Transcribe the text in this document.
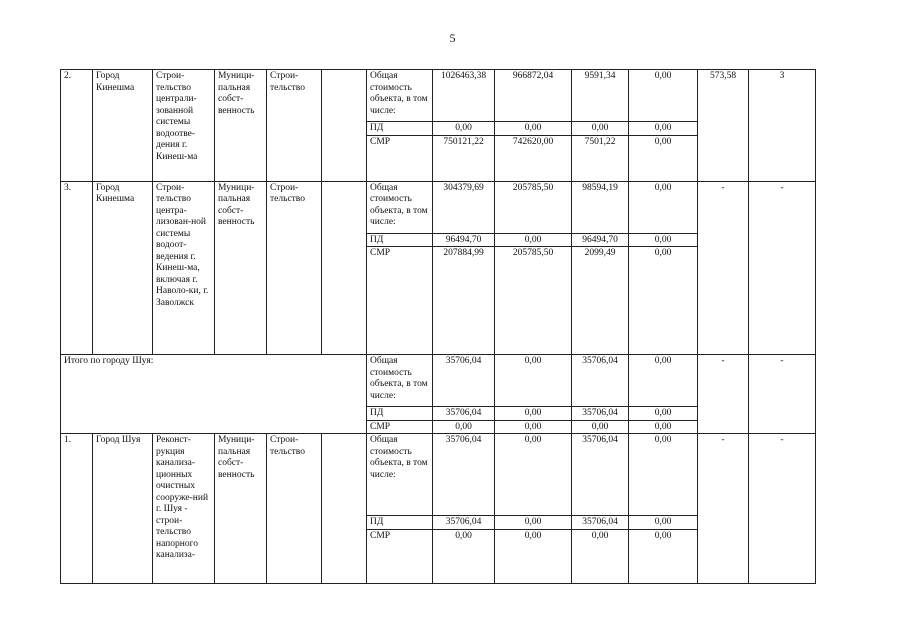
5
2.	Город Кинешма	Строи-тельство централи-зованной системы водоотве-дения г. Кинеш-ма	Муници-пальная собст-венность	Строи-тельство		Общая стоимость объекта, в том числе:	1026463,38	966872,04	9591,34	0,00	573,58	3
						ПД	0,00	0,00	0,00	0,00		
						СМР	750121,22	742620,00	7501,22	0,00		
3.	Город Кинешма	Строи-тельство центра-лизован-ной системы водоот-ведения г. Кинеш-ма, включая г. Наволо-ки, г. Заволжск	Муници-пальная собст-венность	Строи-тельство		Общая стоимость объекта, в том числе:	304379,69	205785,50	98594,19	0,00	-	-
						ПД	96494,70	0,00	96494,70	0,00		
						СМР	207884,99	205785,50	2099,49	0,00		
Итого по городу Шуя:						Общая стоимость объекта, в том числе:	35706,04	0,00	35706,04	0,00	-	-
						ПД	35706,04	0,00	35706,04	0,00		
						СМР	0,00	0,00	0,00	0,00		
1.	Город Шуя	Реконст-рукция канализа-ционных очистных сооруже-ний г. Шуя - строи-тельство напорного канализа-	Муници-пальная собст-венность	Строи-тельство		Общая стоимость объекта, в том числе:	35706,04	0,00	35706,04	0,00	-	-
						ПД	35706,04	0,00	35706,04	0,00		
						СМР	0,00	0,00	0,00	0,00		
